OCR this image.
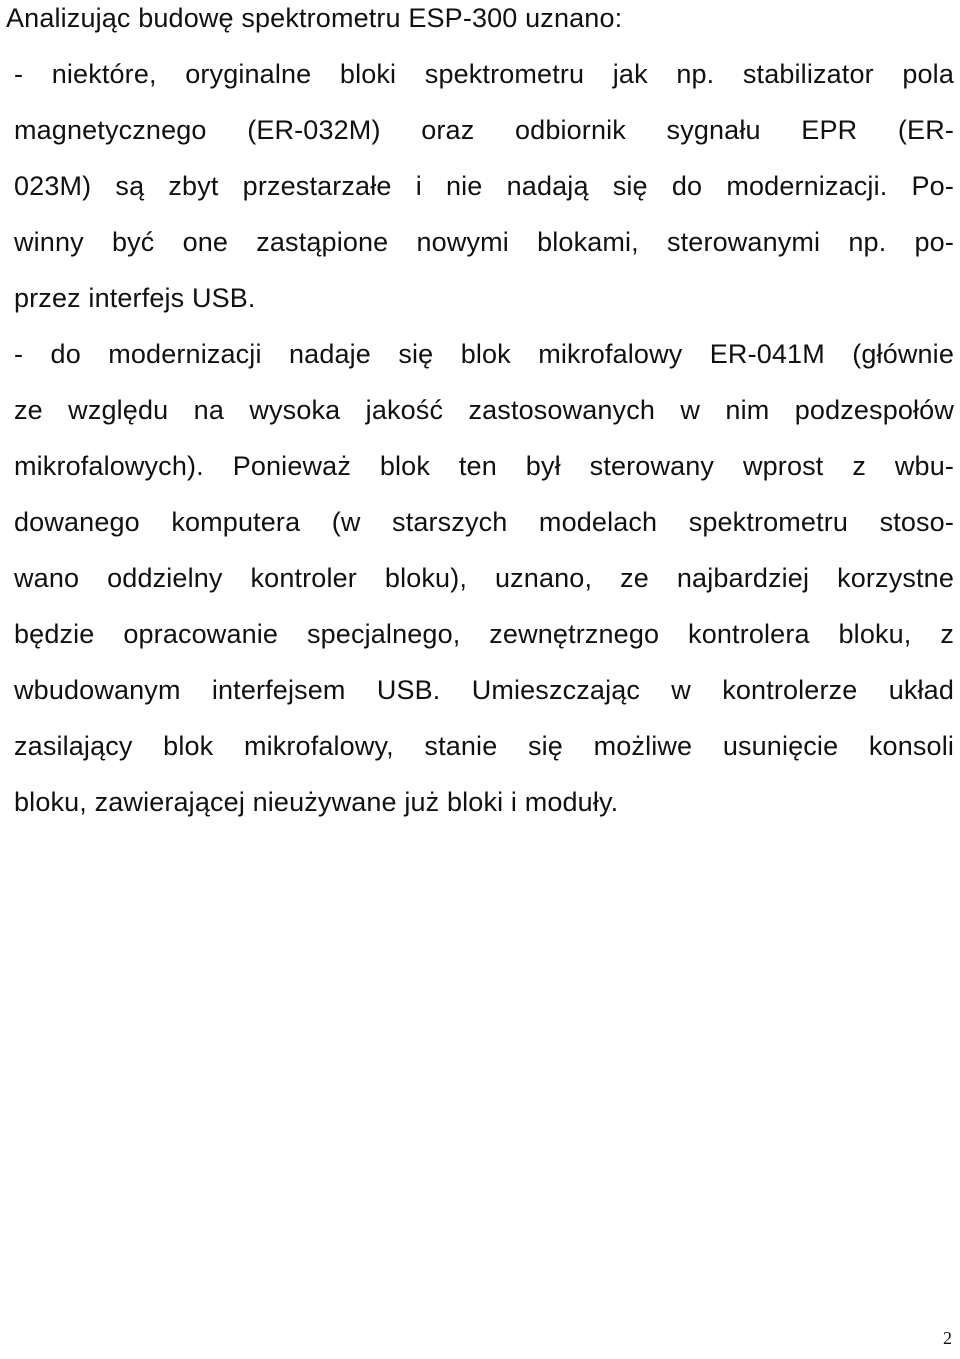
Analizując budowę spektrometru ESP-300 uznano:
- niektóre, oryginalne bloki spektrometru jak np. stabilizator pola
magnetycznego (ER-032M) oraz odbiornik sygnału EPR (ER-
023M) są zbyt przestarzałe i nie nadają się do modernizacji. Po-
winny być one zastąpione nowymi blokami, sterowanymi np. po-
przez interfejs USB.
- do modernizacji nadaje się blok mikrofalowy ER-041M (głównie
ze względu na wysoka jakość zastosowanych w nim podzespołów
mikrofalowych). Ponieważ blok ten był sterowany wprost z wbu-
dowanego komputera (w starszych modelach spektrometru stoso-
wano oddzielny kontroler bloku), uznano, ze najbardziej korzystne
będzie opracowanie specjalnego, zewnętrznego kontrolera bloku, z
wbudowanym interfejsem USB. Umieszczając w kontrolerze układ
zasilający blok mikrofalowy, stanie się możliwe usunięcie konsoli
bloku, zawierającej nieużywane już bloki i moduły.
2
